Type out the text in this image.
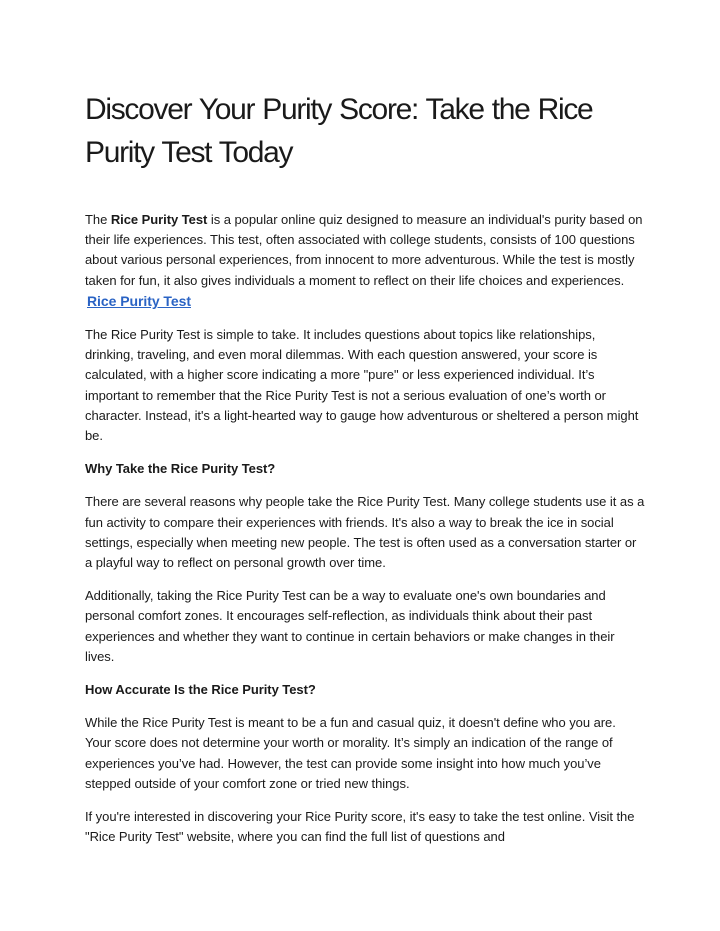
Discover Your Purity Score: Take the Rice Purity Test Today

The Rice Purity Test is a popular online quiz designed to measure an individual's purity based on their life experiences. This test, often associated with college students, consists of 100 questions about various personal experiences, from innocent to more adventurous. While the test is mostly taken for fun, it also gives individuals a moment to reflect on their life choices and experiences. Rice Purity Test

The Rice Purity Test is simple to take. It includes questions about topics like relationships, drinking, traveling, and even moral dilemmas. With each question answered, your score is calculated, with a higher score indicating a more "pure" or less experienced individual. It’s important to remember that the Rice Purity Test is not a serious evaluation of one’s worth or character. Instead, it's a light-hearted way to gauge how adventurous or sheltered a person might be.

Why Take the Rice Purity Test?

There are several reasons why people take the Rice Purity Test. Many college students use it as a fun activity to compare their experiences with friends. It's also a way to break the ice in social settings, especially when meeting new people. The test is often used as a conversation starter or a playful way to reflect on personal growth over time.

Additionally, taking the Rice Purity Test can be a way to evaluate one's own boundaries and personal comfort zones. It encourages self-reflection, as individuals think about their past experiences and whether they want to continue in certain behaviors or make changes in their lives.

How Accurate Is the Rice Purity Test?

While the Rice Purity Test is meant to be a fun and casual quiz, it doesn't define who you are. Your score does not determine your worth or morality. It’s simply an indication of the range of experiences you’ve had. However, the test can provide some insight into how much you’ve stepped outside of your comfort zone or tried new things.

If you're interested in discovering your Rice Purity score, it's easy to take the test online. Visit the "Rice Purity Test" website, where you can find the full list of questions and
